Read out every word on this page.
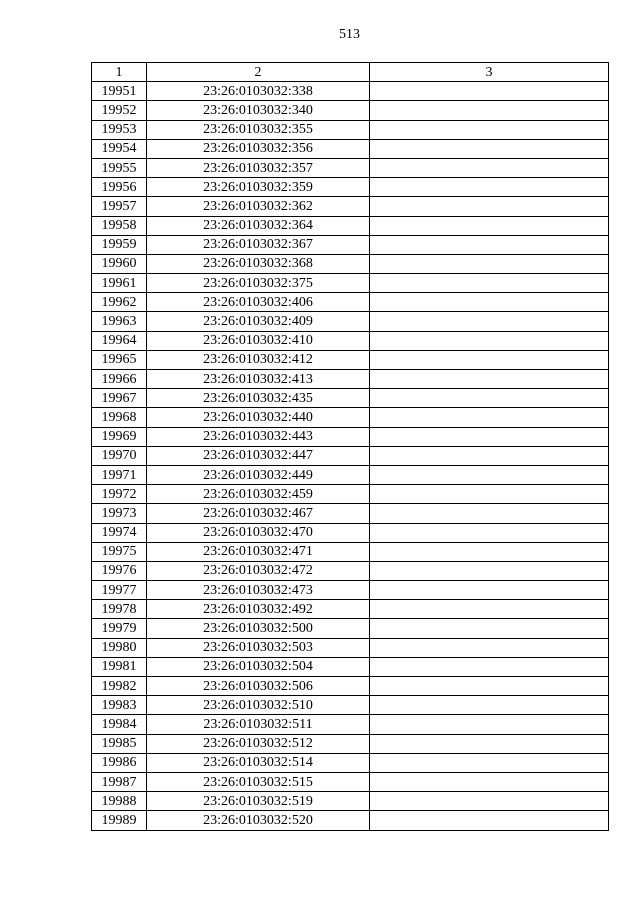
513
1	2	3
19951	23:26:0103032:338	
19952	23:26:0103032:340	
19953	23:26:0103032:355	
19954	23:26:0103032:356	
19955	23:26:0103032:357	
19956	23:26:0103032:359	
19957	23:26:0103032:362	
19958	23:26:0103032:364	
19959	23:26:0103032:367	
19960	23:26:0103032:368	
19961	23:26:0103032:375	
19962	23:26:0103032:406	
19963	23:26:0103032:409	
19964	23:26:0103032:410	
19965	23:26:0103032:412	
19966	23:26:0103032:413	
19967	23:26:0103032:435	
19968	23:26:0103032:440	
19969	23:26:0103032:443	
19970	23:26:0103032:447	
19971	23:26:0103032:449	
19972	23:26:0103032:459	
19973	23:26:0103032:467	
19974	23:26:0103032:470	
19975	23:26:0103032:471	
19976	23:26:0103032:472	
19977	23:26:0103032:473	
19978	23:26:0103032:492	
19979	23:26:0103032:500	
19980	23:26:0103032:503	
19981	23:26:0103032:504	
19982	23:26:0103032:506	
19983	23:26:0103032:510	
19984	23:26:0103032:511	
19985	23:26:0103032:512	
19986	23:26:0103032:514	
19987	23:26:0103032:515	
19988	23:26:0103032:519	
19989	23:26:0103032:520	
